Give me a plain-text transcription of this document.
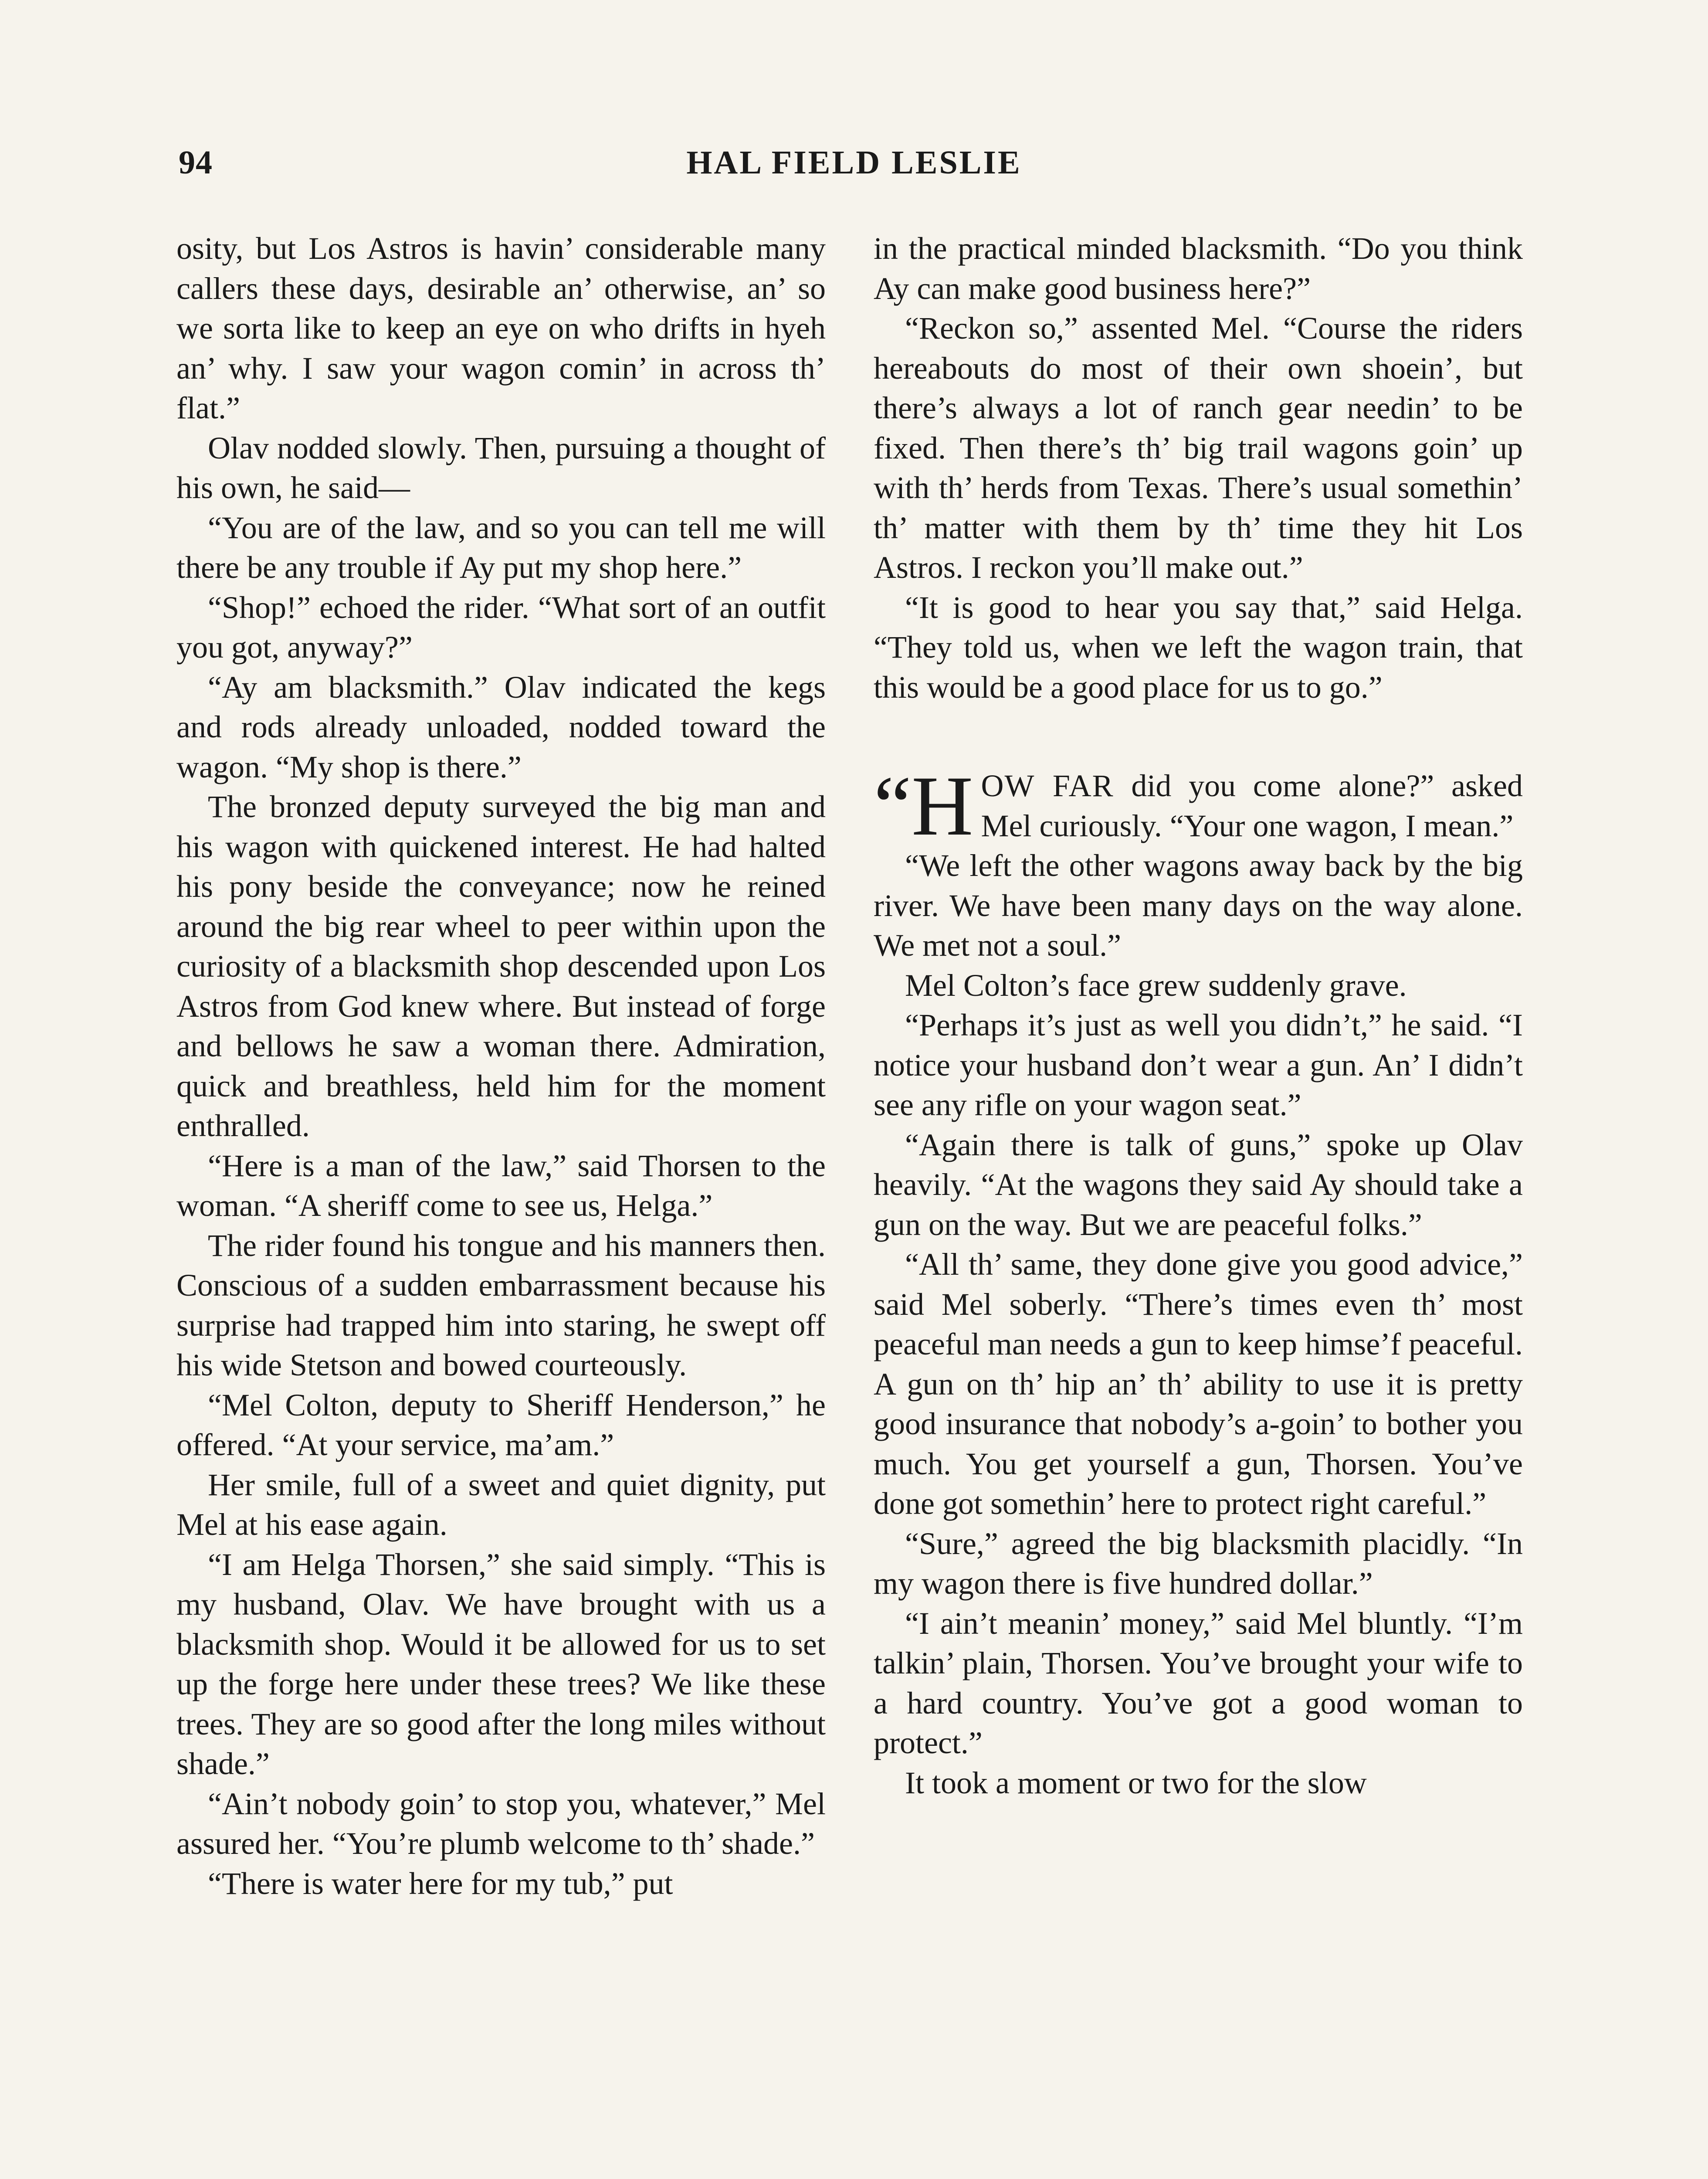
94	HAL FIELD LESLIE

osity, but Los Astros is havin’ considerable many callers these days, desirable an’ otherwise, an’ so we sorta like to keep an eye on who drifts in hyeh an’ why. I saw your wagon comin’ in across th’ flat.”

Olav nodded slowly. Then, pursuing a thought of his own, he said—

“You are of the law, and so you can tell me will there be any trouble if Ay put my shop here.”

“Shop!” echoed the rider. “What sort of an outfit you got, anyway?”

“Ay am blacksmith.” Olav indicated the kegs and rods already unloaded, nodded toward the wagon. “My shop is there.”

The bronzed deputy surveyed the big man and his wagon with quickened interest. He had halted his pony beside the conveyance; now he reined around the big rear wheel to peer within upon the curiosity of a blacksmith shop descended upon Los Astros from God knew where. But instead of forge and bellows he saw a woman there. Admiration, quick and breathless, held him for the moment enthralled.

“Here is a man of the law,” said Thorsen to the woman. “A sheriff come to see us, Helga.”

The rider found his tongue and his manners then. Conscious of a sudden embarrassment because his surprise had trapped him into staring, he swept off his wide Stetson and bowed courteously.

“Mel Colton, deputy to Sheriff Henderson,” he offered. “At your service, ma’am.”

Her smile, full of a sweet and quiet dignity, put Mel at his ease again.

“I am Helga Thorsen,” she said simply. “This is my husband, Olav. We have brought with us a blacksmith shop. Would it be allowed for us to set up the forge here under these trees? We like these trees. They are so good after the long miles without shade.”

“Ain’t nobody goin’ to stop you, whatever,” Mel assured her. “You’re plumb welcome to th’ shade.”

“There is water here for my tub,” put

in the practical minded blacksmith. “Do you think Ay can make good business here?”

“Reckon so,” assented Mel. “Course the riders hereabouts do most of their own shoein’, but there’s always a lot of ranch gear needin’ to be fixed. Then there’s th’ big trail wagons goin’ up with th’ herds from Texas. There’s usual somethin’ th’ matter with them by th’ time they hit Los Astros. I reckon you’ll make out.”

“It is good to hear you say that,” said Helga. “They told us, when we left the wagon train, that this would be a good place for us to go.”

“H OW FAR did you come alone?” asked Mel curiously. “Your one wagon, I mean.”

“We left the other wagons away back by the big river. We have been many days on the way alone. We met not a soul.”

Mel Colton’s face grew suddenly grave.

“Perhaps it’s just as well you didn’t,” he said. “I notice your husband don’t wear a gun. An’ I didn’t see any rifle on your wagon seat.”

“Again there is talk of guns,” spoke up Olav heavily. “At the wagons they said Ay should take a gun on the way. But we are peaceful folks.”

“All th’ same, they done give you good advice,” said Mel soberly. “There’s times even th’ most peaceful man needs a gun to keep himse’f peaceful. A gun on th’ hip an’ th’ ability to use it is pretty good insurance that nobody’s a-goin’ to bother you much. You get yourself a gun, Thorsen. You’ve done got somethin’ here to protect right careful.”

“Sure,” agreed the big blacksmith placidly. “In my wagon there is five hundred dollar.”

“I ain’t meanin’ money,” said Mel bluntly. “I’m talkin’ plain, Thorsen. You’ve brought your wife to a hard country. You’ve got a good woman to protect.”

It took a moment or two for the slow
